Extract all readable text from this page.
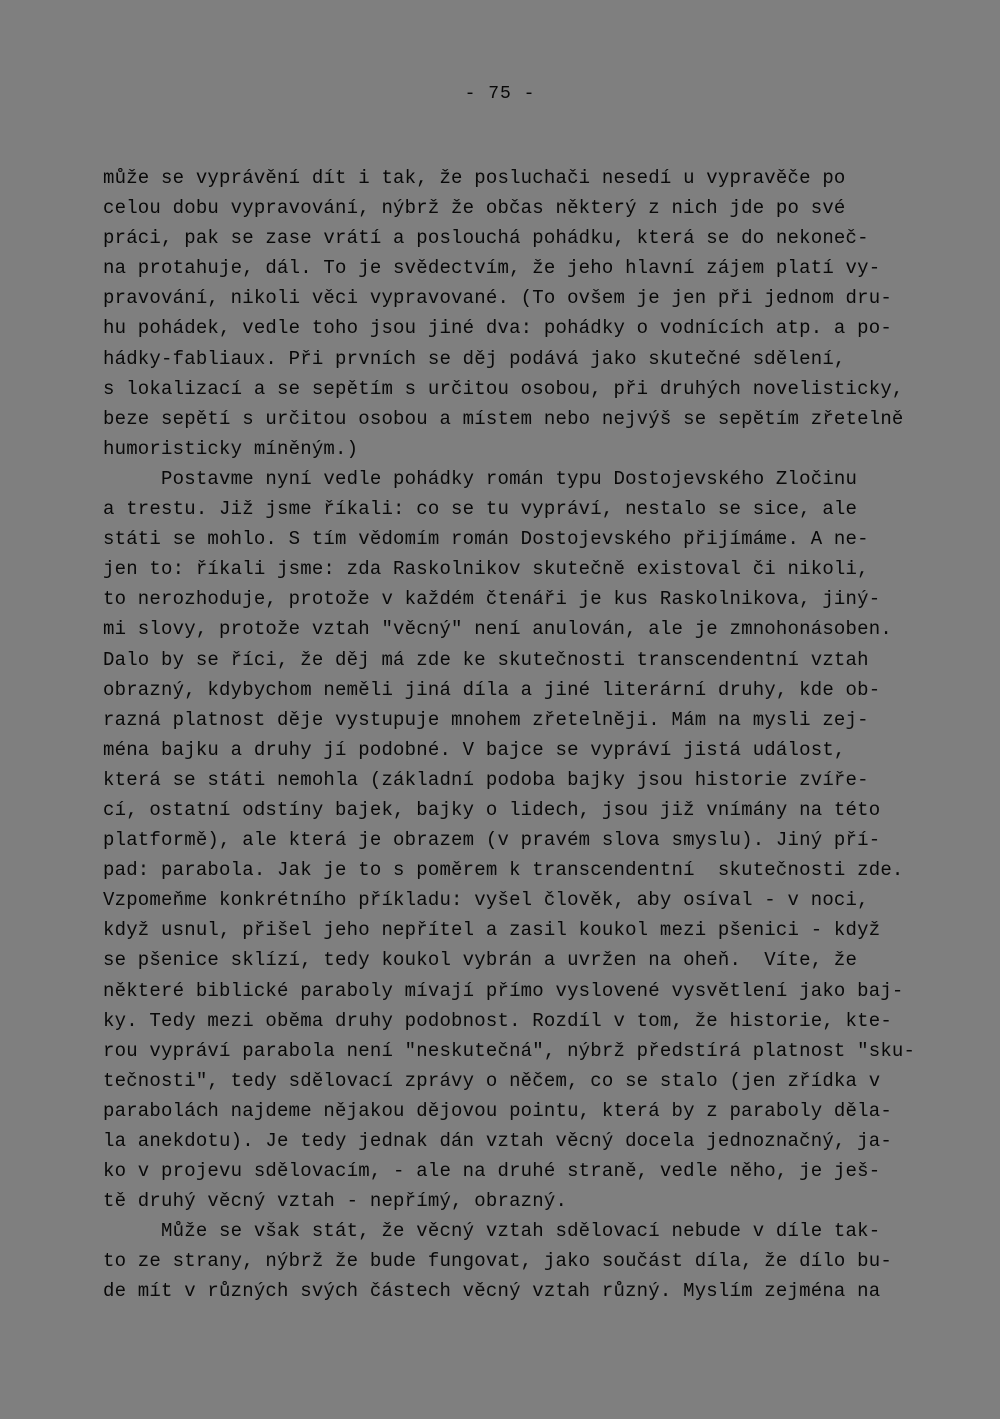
- 75 -
může se vyprávění dít i tak, že posluchači nesedí u vypravěče po
celou dobu vypravování, nýbrž že občas některý z nich jde po své
práci, pak se zase vrátí a poslouchá pohádku, která se do nekoneč-
na protahuje, dál. To je svědectvím, že jeho hlavní zájem platí vy-
pravování, nikoli věci vypravované. (To ovšem je jen při jednom dru-
hu pohádek, vedle toho jsou jiné dva: pohádky o vodnících atp. a po-
hádky-fabliaux. Při prvních se děj podává jako skutečné sdělení,
s lokalizací a se sepětím s určitou osobou, při druhých novelisticky,
beze sepětí s určitou osobou a místem nebo nejvýš se sepětím zřetelně
humoristicky míněným.)
Postavme nyní vedle pohádky román typu Dostojevského Zločinu
a trestu. Již jsme říkali: co se tu vypráví, nestalo se sice, ale
státi se mohlo. S tím vědomím román Dostojevského přijímáme. A ne-
jen to: říkali jsme: zda Raskolnikov skutečně existoval či nikoli,
to nerozhoduje, protože v každém čtenáři je kus Raskolnikova, jiný-
mi slovy, protože vztah "věcný" není anulován, ale je zmnohonásoben.
Dalo by se říci, že děj má zde ke skutečnosti transcendentní vztah
obrazný, kdybychom neměli jiná díla a jiné literární druhy, kde ob-
razná platnost děje vystupuje mnohem zřetelněji. Mám na mysli zej-
ména bajku a druhy jí podobné. V bajce se vypráví jistá událost,
která se státi nemohla (základní podoba bajky jsou historie zvíře-
cí, ostatní odstíny bajek, bajky o lidech, jsou již vnímány na této
platformě), ale která je obrazem (v pravém slova smyslu). Jiný pří-
pad: parabola. Jak je to s poměrem k transcendentní  skutečnosti zde.
Vzpomeňme konkrétního příkladu: vyšel člověk, aby osíval - v noci,
když usnul, přišel jeho nepřítel a zasil koukol mezi pšenici - když
se pšenice sklízí, tedy koukol vybrán a uvržen na oheň.  Víte, že
některé biblické paraboly mívají přímo vyslovené vysvětlení jako baj-
ky. Tedy mezi oběma druhy podobnost. Rozdíl v tom, že historie, kte-
rou vypráví parabola není "neskutečná", nýbrž předstírá platnost "sku-
tečnosti", tedy sdělovací zprávy o něčem, co se stalo (jen zřídka v
parabolách najdeme nějakou dějovou pointu, která by z paraboly děla-
la anekdotu). Je tedy jednak dán vztah věcný docela jednoznačný, ja-
ko v projevu sdělovacím, - ale na druhé straně, vedle něho, je ješ-
tě druhý věcný vztah - nepřímý, obrazný.
Může se však stát, že věcný vztah sdělovací nebude v díle tak-
to ze strany, nýbrž že bude fungovat, jako součást díla, že dílo bu-
de mít v různých svých částech věcný vztah různý. Myslím zejména na
